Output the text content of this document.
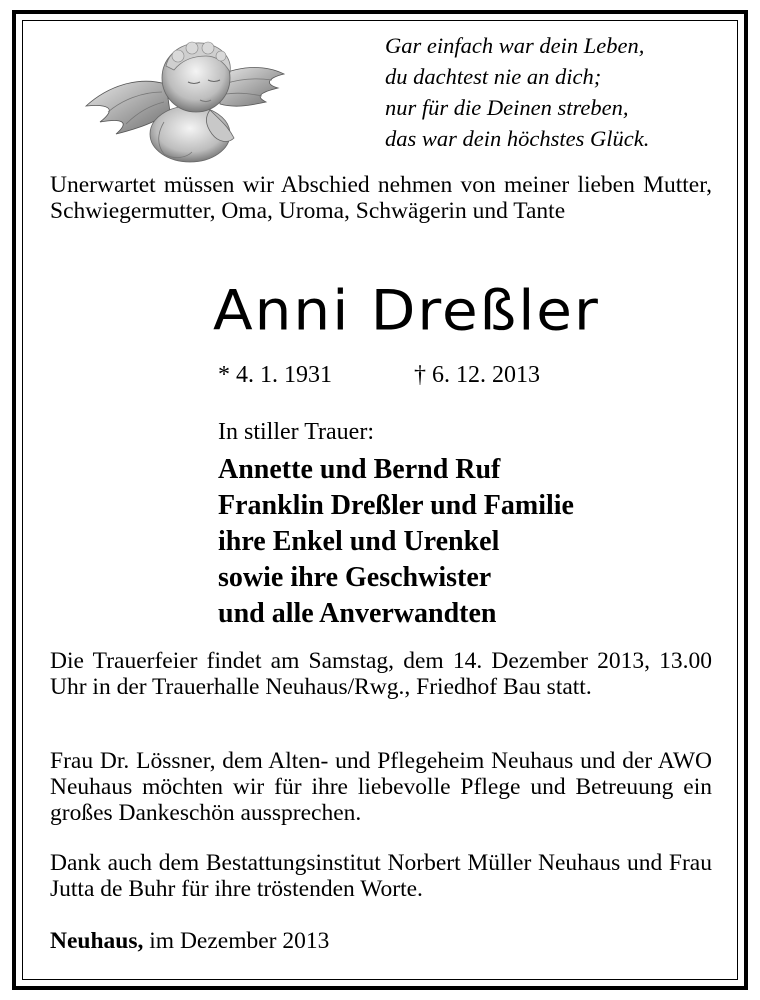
Gar einfach war dein Leben,
du dachtest nie an dich;
nur für die Deinen streben,
das war dein höchstes Glück.
Unerwartet müssen wir Abschied nehmen von meiner lieben Mutter, Schwiegermutter, Oma, Uroma, Schwägerin und Tante
Anni Dreßler
* 4. 1. 1931	† 6. 12. 2013
In stiller Trauer:
Annette und Bernd Ruf
Franklin Dreßler und Familie
ihre Enkel und Urenkel
sowie ihre Geschwister
und alle Anverwandten
Die Trauerfeier findet am Samstag, dem 14. Dezember 2013, 13.00 Uhr in der Trauerhalle Neuhaus/Rwg., Friedhof Bau statt.
Frau Dr. Lössner, dem Alten- und Pflegeheim Neuhaus und der AWO Neuhaus möchten wir für ihre liebevolle Pflege und Betreuung ein großes Dankeschön aussprechen.
Dank auch dem Bestattungsinstitut Norbert Müller Neuhaus und Frau Jutta de Buhr für ihre tröstenden Worte.
Neuhaus, im Dezember 2013
